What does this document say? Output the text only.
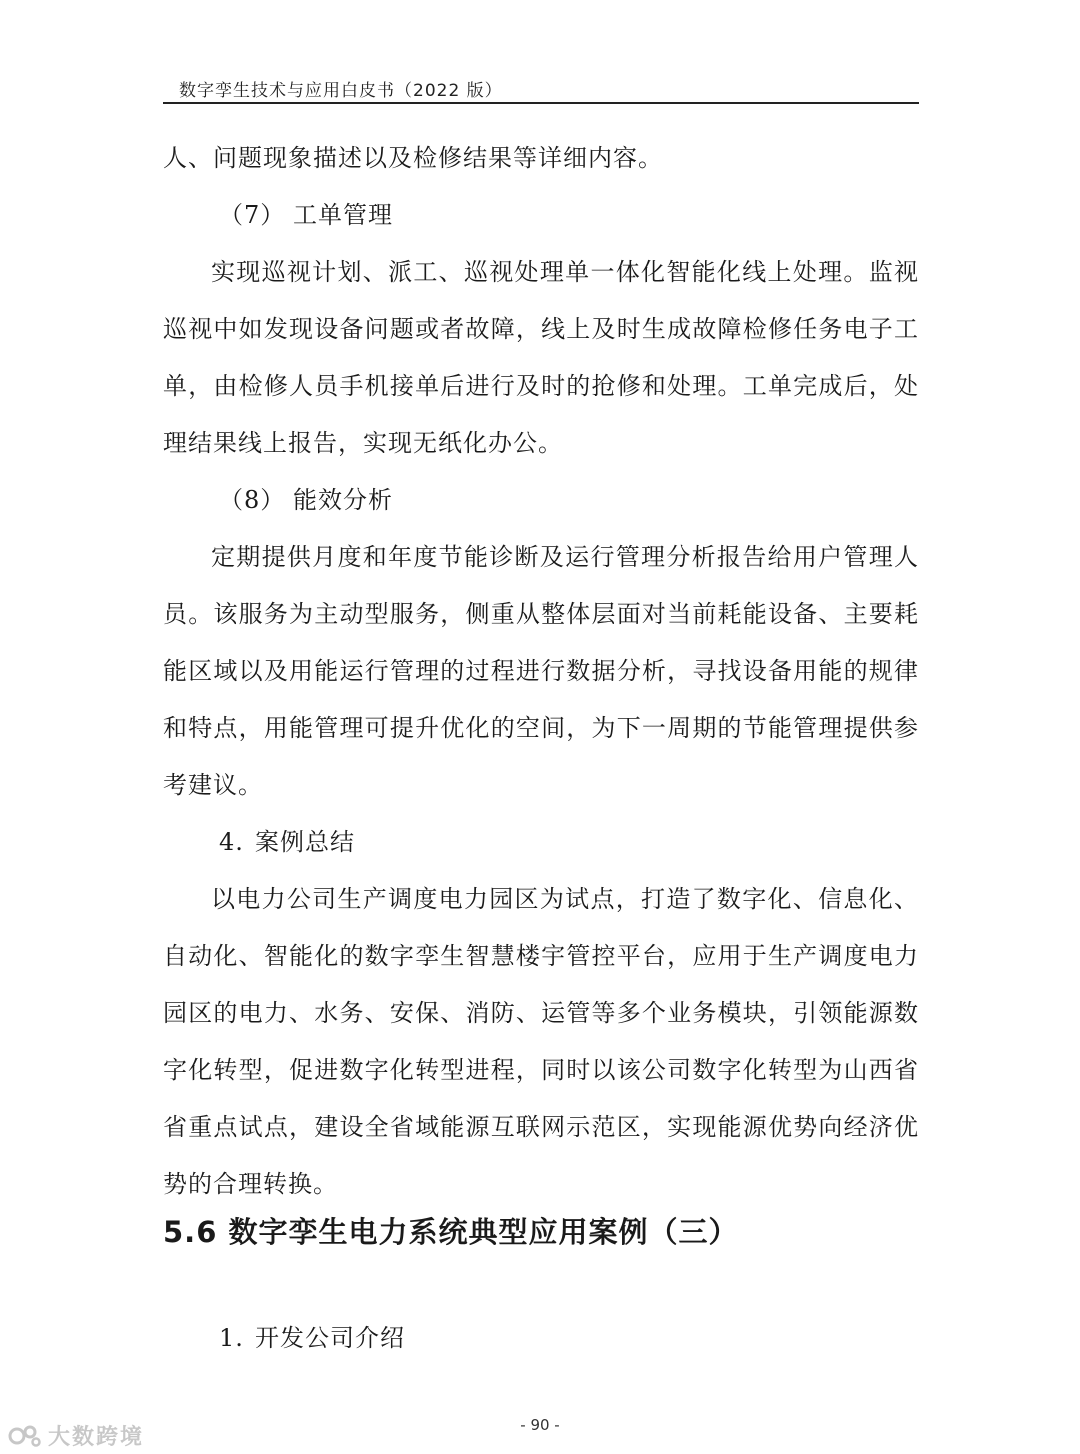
数字孪生技术与应用白皮书（2022 版）

人、问题现象描述以及检修结果等详细内容。

（7） 工单管理

实现巡视计划、派工、巡视处理单一体化智能化线上处理。监视巡视中如发现设备问题或者故障，线上及时生成故障检修任务电子工单，由检修人员手机接单后进行及时的抢修和处理。工单完成后，处理结果线上报告，实现无纸化办公。

（8） 能效分析

定期提供月度和年度节能诊断及运行管理分析报告给用户管理人员。该服务为主动型服务，侧重从整体层面对当前耗能设备、主要耗能区域以及用能运行管理的过程进行数据分析，寻找设备用能的规律和特点，用能管理可提升优化的空间，为下一周期的节能管理提供参考建议。

4. 案例总结

以电力公司生产调度电力园区为试点，打造了数字化、信息化、自动化、智能化的数字孪生智慧楼宇管控平台，应用于生产调度电力园区的电力、水务、安保、消防、运管等多个业务模块，引领能源数字化转型，促进数字化转型进程，同时以该公司数字化转型为山西省省重点试点，建设全省域能源互联网示范区，实现能源优势向经济优势的合理转换。

5.6 数字孪生电力系统典型应用案例（三）

1. 开发公司介绍

- 90 -
大数跨境
